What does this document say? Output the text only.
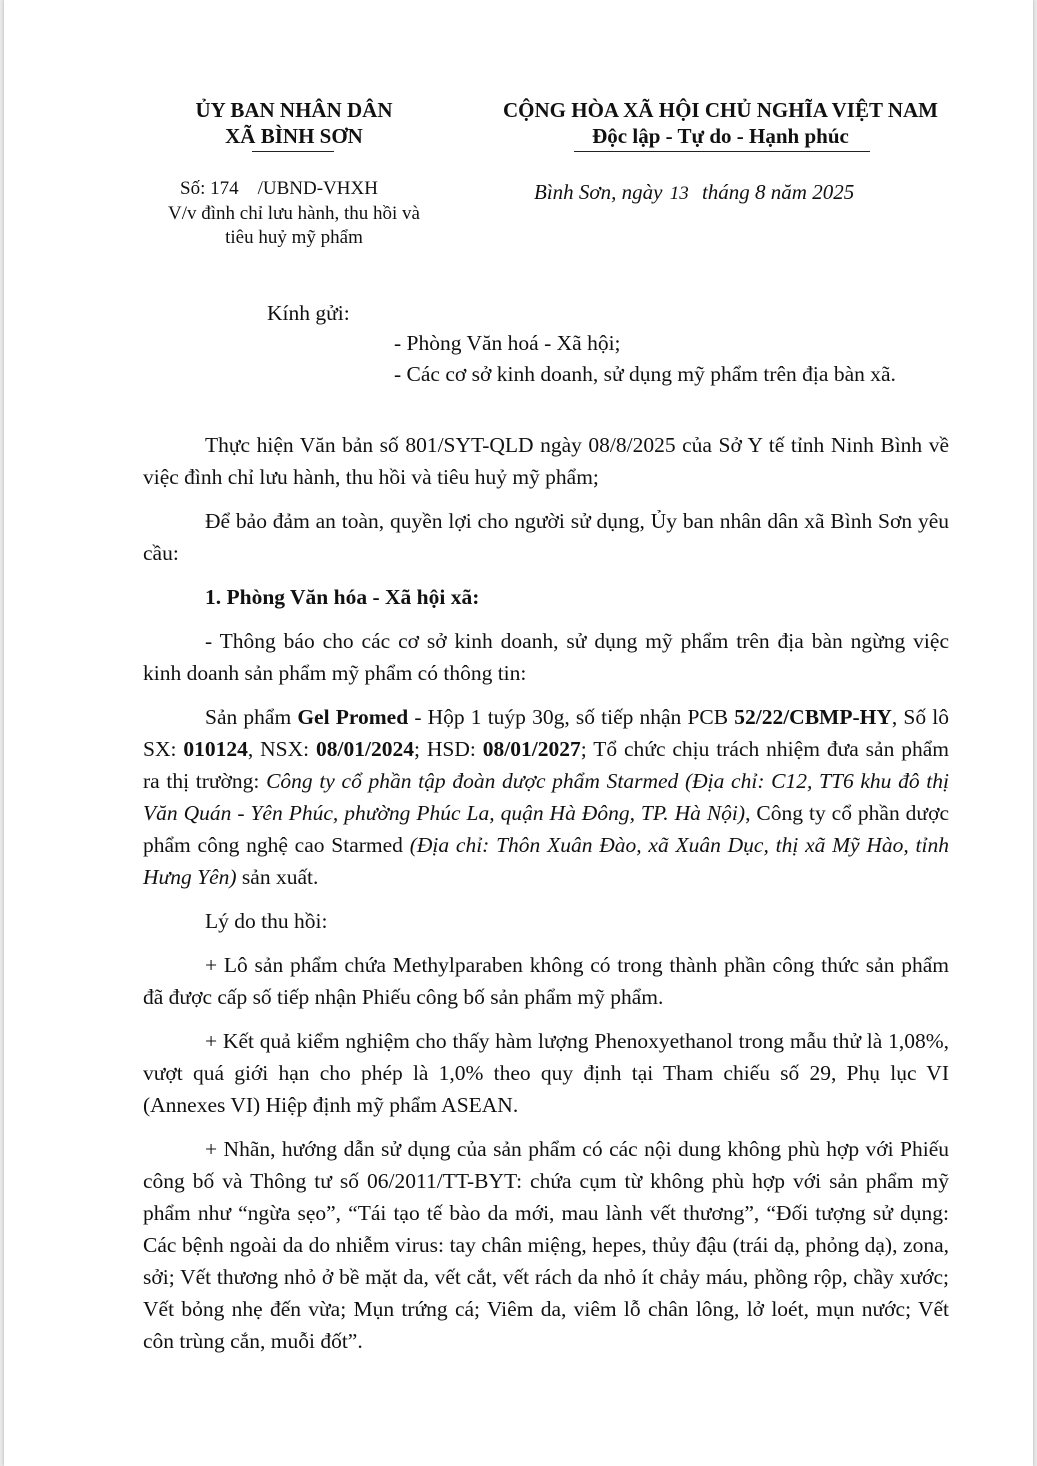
ỦY BAN NHÂN DÂN
XÃ BÌNH SƠN
CỘNG HÒA XÃ HỘI CHỦ NGHĨA VIỆT NAM
Độc lập - Tự do - Hạnh phúc
Số: 174    /UBND-VHXH
V/v đình chỉ lưu hành, thu hồi và
tiêu huỷ mỹ phẩm
Bình Sơn, ngày 13 tháng 8 năm 2025
Kính gửi:
- Phòng Văn hoá - Xã hội;
- Các cơ sở kinh doanh, sử dụng mỹ phẩm trên địa bàn xã.

Thực hiện Văn bản số 801/SYT-QLD ngày 08/8/2025 của Sở Y tế tỉnh Ninh Bình về việc đình chỉ lưu hành, thu hồi và tiêu huỷ mỹ phẩm;

Để bảo đảm an toàn, quyền lợi cho người sử dụng, Ủy ban nhân dân xã Bình Sơn yêu cầu:

1. Phòng Văn hóa - Xã hội xã:

- Thông báo cho các cơ sở kinh doanh, sử dụng mỹ phẩm trên địa bàn ngừng việc kinh doanh sản phẩm mỹ phẩm có thông tin:

Sản phẩm Gel Promed - Hộp 1 tuýp 30g, số tiếp nhận PCB 52/22/CBMP-HY, Số lô SX: 010124, NSX: 08/01/2024; HSD: 08/01/2027; Tổ chức chịu trách nhiệm đưa sản phẩm ra thị trường: Công ty cổ phần tập đoàn dược phẩm Starmed (Địa chỉ: C12, TT6 khu đô thị Văn Quán - Yên Phúc, phường Phúc La, quận Hà Đông, TP. Hà Nội), Công ty cổ phần dược phẩm công nghệ cao Starmed (Địa chỉ: Thôn Xuân Đào, xã Xuân Dục, thị xã Mỹ Hào, tỉnh Hưng Yên) sản xuất.

Lý do thu hồi:

+ Lô sản phẩm chứa Methylparaben không có trong thành phần công thức sản phẩm đã được cấp số tiếp nhận Phiếu công bố sản phẩm mỹ phẩm.

+ Kết quả kiểm nghiệm cho thấy hàm lượng Phenoxyethanol trong mẫu thử là 1,08%, vượt quá giới hạn cho phép là 1,0% theo quy định tại Tham chiếu số 29, Phụ lục VI (Annexes VI) Hiệp định mỹ phẩm ASEAN.

+ Nhãn, hướng dẫn sử dụng của sản phẩm có các nội dung không phù hợp với Phiếu công bố và Thông tư số 06/2011/TT-BYT: chứa cụm từ không phù hợp với sản phẩm mỹ phẩm như “ngừa sẹo”, “Tái tạo tế bào da mới, mau lành vết thương”, “Đối tượng sử dụng: Các bệnh ngoài da do nhiễm virus: tay chân miệng, hepes, thủy đậu (trái dạ, phỏng dạ), zona, sởi; Vết thương nhỏ ở bề mặt da, vết cắt, vết rách da nhỏ ít chảy máu, phồng rộp, chầy xước; Vết bỏng nhẹ đến vừa; Mụn trứng cá; Viêm da, viêm lỗ chân lông, lở loét, mụn nước; Vết côn trùng cắn, muỗi đốt”.
